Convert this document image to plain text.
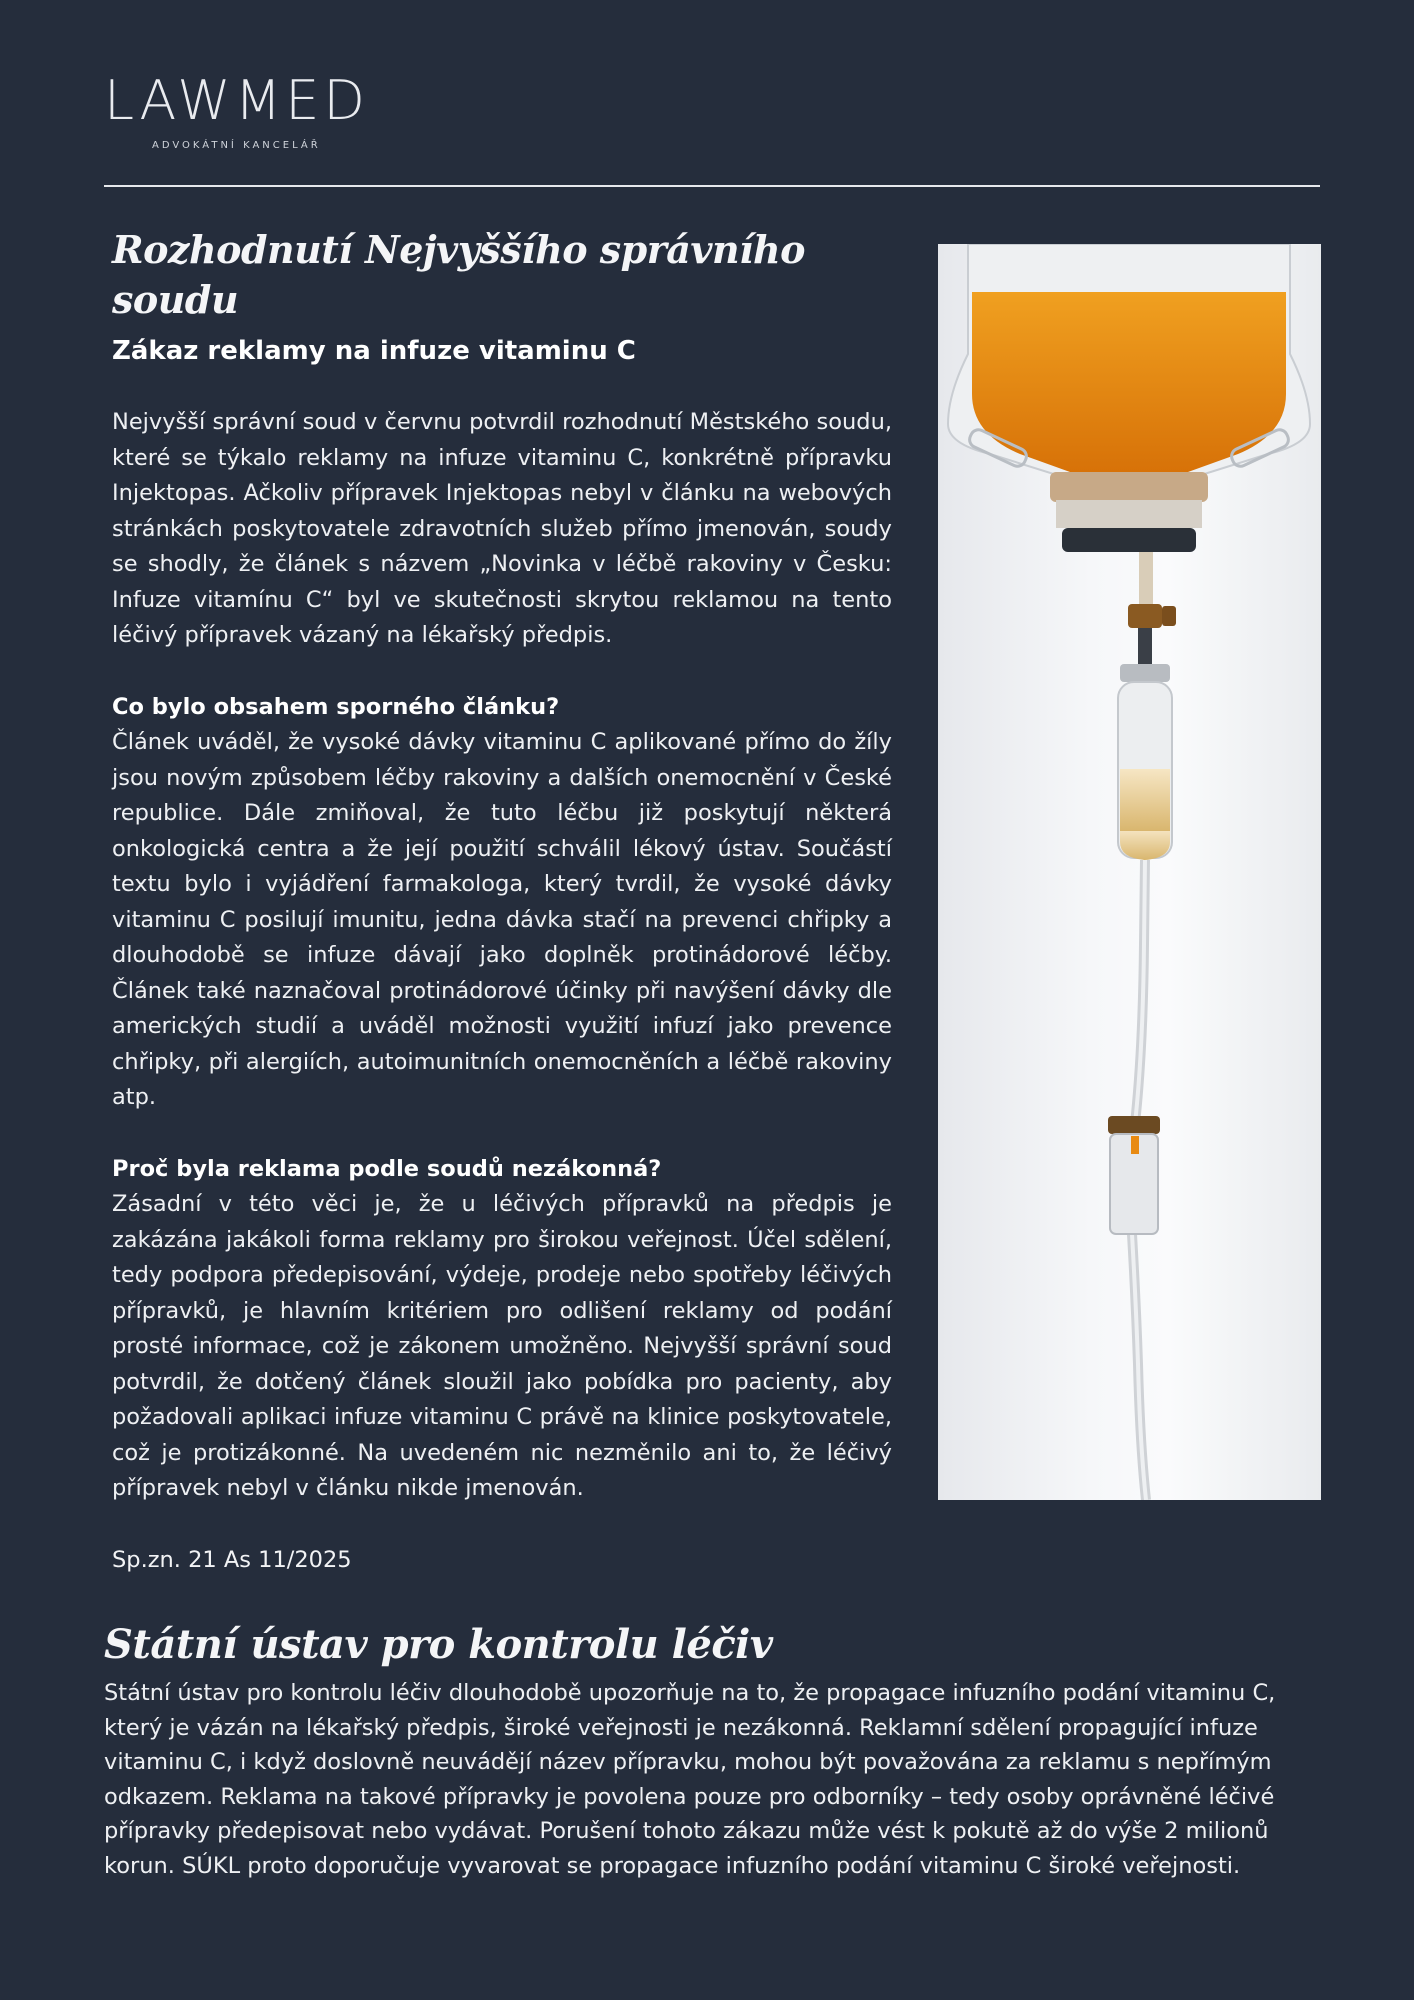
LAWMED
ADVOKÁTNÍ KANCELÁŘ
Rozhodnutí Nejvyššího správního soudu
Zákaz reklamy na infuze vitaminu C

Nejvyšší správní soud v červnu potvrdil rozhodnutí Městského soudu, které se týkalo reklamy na infuze vitaminu C, konkrétně přípravku Injektopas. Ačkoliv přípravek Injektopas nebyl v článku na webových stránkách poskytovatele zdravotních služeb přímo jmenován, soudy se shodly, že článek s názvem „Novinka v léčbě rakoviny v Česku: Infuze vitamínu C“ byl ve skutečnosti skrytou reklamou na tento léčivý přípravek vázaný na lékařský předpis.

Co bylo obsahem sporného článku?

Článek uváděl, že vysoké dávky vitaminu C aplikované přímo do žíly jsou novým způsobem léčby rakoviny a dalších onemocnění v České republice. Dále zmiňoval, že tuto léčbu již poskytují některá onkologická centra a že její použití schválil lékový ústav. Součástí textu bylo i vyjádření farmakologa, který tvrdil, že vysoké dávky vitaminu C posilují imunitu, jedna dávka stačí na prevenci chřipky a dlouhodobě se infuze dávají jako doplněk protinádorové léčby. Článek také naznačoval protinádorové účinky při navýšení dávky dle amerických studií a uváděl možnosti využití infuzí jako prevence chřipky, při alergiích, autoimunitních onemocněních a léčbě rakoviny atp.

Proč byla reklama podle soudů nezákonná?

Zásadní v této věci je, že u léčivých přípravků na předpis je zakázána jakákoli forma reklamy pro širokou veřejnost. Účel sdělení, tedy podpora předepisování, výdeje, prodeje nebo spotřeby léčivých přípravků, je hlavním kritériem pro odlišení reklamy od podání prosté informace, což je zákonem umožněno. Nejvyšší správní soud potvrdil, že dotčený článek sloužil jako pobídka pro pacienty, aby požadovali aplikaci infuze vitaminu C právě na klinice poskytovatele, což je protizákonné. Na uvedeném nic nezměnilo ani to, že léčivý přípravek nebyl v článku nikde jmenován.

Sp.zn. 21 As 11/2025
Státní ústav pro kontrolu léčiv

Státní ústav pro kontrolu léčiv dlouhodobě upozorňuje na to, že propagace infuzního podání vitaminu C, který je vázán na lékařský předpis, široké veřejnosti je nezákonná. Reklamní sdělení propagující infuze vitaminu C, i když doslovně neuvádějí název přípravku, mohou být považována za reklamu s nepřímým odkazem. Reklama na takové přípravky je povolena pouze pro odborníky – tedy osoby oprávněné léčivé přípravky předepisovat nebo vydávat. Porušení tohoto zákazu může vést k pokutě až do výše 2 milionů korun. SÚKL proto doporučuje vyvarovat se propagace infuzního podání vitaminu C široké veřejnosti.
